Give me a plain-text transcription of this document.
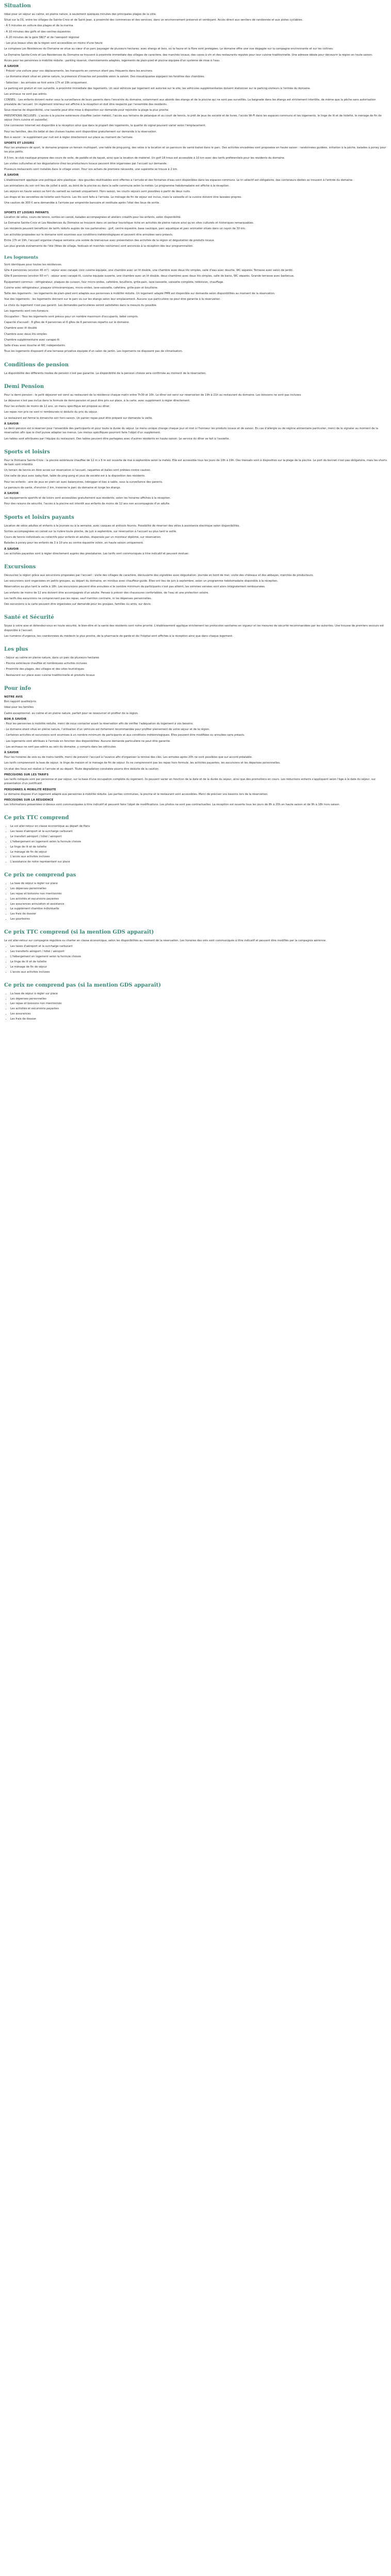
Situation

Idéal pour un séjour au calme, en pleine nature, à seulement quelques minutes des principales plages de la côte.

Situé sur la D1, entre les villages de Sainte-Croix et de Saint-Jean, à proximité des commerces et des services, dans un environnement préservé et verdoyant. Accès direct aux sentiers de randonnée et aux pistes cyclables.

- À 5 minutes en voiture des plages et de la marina

- À 10 minutes des golfs et des centres équestres

- À 20 minutes de la gare SNCF et de l'aéroport régional

- Les plus beaux sites de la région sont accessibles en moins d'une heure

Le complexe Les Résidences du Domaine se situe au cœur d'un parc paysager de plusieurs hectares, avec étangs et bois, où la faune et la flore sont protégées. Le domaine offre une vue dégagée sur la campagne environnante et sur les collines.

Le Domaine Sainte-Croix et Les Résidences du Domaine se trouvent à proximité immédiate des villages de caractère, des marchés locaux, des caves à vin et des restaurants réputés pour leur cuisine traditionnelle. Une adresse idéale pour découvrir la région en toute saison.

Accès pour les personnes à mobilité réduite : parking réservé, cheminements adaptés, logements de plain-pied et piscine équipée d'un système de mise à l'eau.

À SAVOIR

- Prévoir une voiture pour vos déplacements, les transports en commun étant peu fréquents dans les environs.

- Le domaine étant situé en pleine nature, la présence d'insectes est possible selon la saison. Des moustiquaires équipent les fenêtres des chambres.

- Sélection : les arrivées se font entre 17h et 19h uniquement.

Le parking est gratuit et non surveillé, à proximité immédiate des logements. Un seul véhicule par logement est autorisé sur le site, les véhicules supplémentaires doivent stationner sur le parking visiteurs à l'entrée du domaine.

Les animaux ne sont pas admis.

CONSEIL : Les enfants doivent rester sous la surveillance de leurs parents dans l'enceinte du domaine, notamment aux abords des étangs et de la piscine qui ne sont pas surveillés. La baignade dans les étangs est strictement interdite, de même que la pêche sans autorisation préalable de l'accueil. Un règlement intérieur est affiché à la réception et doit être respecté par l'ensemble des résidents.

Sous réserve de disponibilité, une navette peut être mise à disposition sur demande pour rejoindre la plage la plus proche.

PRESTATIONS INCLUSES : L'accès à la piscine extérieure chauffée (selon météo), l'accès aux terrains de pétanque et au court de tennis, le prêt de jeux de société et de livres, l'accès Wi-Fi dans les espaces communs et les logements, le linge de lit et de toilette, le ménage de fin de séjour (hors cuisine et vaisselle).

Une connexion Internet est disponible à la réception ainsi que dans la plupart des logements, la qualité du signal pouvant varier selon l'emplacement.

Pour les familles, des lits bébé et des chaises hautes sont disponibles gratuitement sur demande à la réservation.

Bon à savoir : le supplément par nuit est à régler directement sur place au moment de l'arrivée.

SPORTS ET LOISIRS

Pour les amateurs de sport, le domaine propose un terrain multisport, une table de ping-pong, des vélos à la location et un parcours de santé balisé dans le parc. Des activités encadrées sont proposées en haute saison : randonnées guidées, initiation à la pêche, balades à poney pour les plus petits.

À 5 km, le club nautique propose des cours de voile, de paddle et de kayak, ainsi que la location de matériel. Un golf 18 trous est accessible à 10 km avec des tarifs préférentiels pour les résidents du domaine.

Les visites culturelles et les dégustations chez les producteurs locaux peuvent être organisées par l'accueil sur demande.

Plusieurs restaurants sont installés dans le village voisin. Pour vos achats de première nécessité, une supérette se trouve à 2 km.

À SAVOIR

L'établissement applique une politique zéro plastique : des gourdes réutilisables sont offertes à l'arrivée et des fontaines d'eau sont disponibles dans les espaces communs. Le tri sélectif est obligatoire, des conteneurs dédiés se trouvent à l'entrée du domaine.

Les animations du soir ont lieu de juillet à août, au bord de la piscine ou dans la salle commune selon la météo. Le programme hebdomadaire est affiché à la réception.

Les séjours en haute saison se font du samedi au samedi uniquement. Hors saison, les courts séjours sont possibles à partir de deux nuits.

Les draps et les serviettes de toilette sont fournis. Les lits sont faits à l'arrivée. Le ménage de fin de séjour est inclus, mais la vaisselle et la cuisine doivent être laissées propres.

Une caution de 300 € sera demandée à l'arrivée par empreinte bancaire et restituée après l'état des lieux de sortie.

SPORTS ET LOISIRS PAYANTS

Location de vélos, cours de tennis, sorties en canoë, balades accompagnées et ateliers créatifs pour les enfants, selon disponibilité.

Le Domaine Sainte-Croix et Les Résidences du Domaine se trouvent dans un secteur touristique riche en activités de pleine nature ainsi qu'en sites culturels et historiques remarquables.

Les résidents peuvent bénéficier de tarifs réduits auprès de nos partenaires : golf, centre équestre, base nautique, parc aquatique et parc animalier situés dans un rayon de 30 km.

Les activités proposées sur le domaine sont soumises aux conditions météorologiques et peuvent être annulées sans préavis.

Entre 17h et 19h, l'accueil organise chaque semaine une soirée de bienvenue avec présentation des activités de la région et dégustation de produits locaux.

Les plus grands événements de l'été (fêtes de village, festivals et marchés nocturnes) sont annoncés à la réception dès leur programmation.

Les logements

Sont identiques pour toutes les résidences.

Gîte 4 personnes (environ 45 m²) : séjour avec canapé, coin cuisine équipée, une chambre avec un lit double, une chambre avec deux lits simples, salle d'eau avec douche, WC séparés. Terrasse avec salon de jardin.

Gîte 6 personnes (environ 60 m²) : séjour avec canapé-lit, cuisine équipée ouverte, une chambre avec un lit double, deux chambres avec deux lits simples, salle de bains, WC séparés. Grande terrasse avec barbecue.

Équipement commun : réfrigérateur, plaques de cuisson, four micro-ondes, cafetière, bouilloire, grille-pain, lave-vaisselle, vaisselle complète, télévision, chauffage.

Cuisine avec réfrigérateur, plaques vitrocéramiques, micro-ondes, lave-vaisselle, cafetière, grille-pain et bouilloire.

Taille des logements : les logements de plain-pied sont adaptés aux personnes à mobilité réduite. Un logement adapté PMR est disponible sur demande selon disponibilités au moment de la réservation.

Vue des logements : les logements donnent sur le parc ou sur les étangs selon leur emplacement. Aucune vue particulière ne peut être garantie à la réservation.

Le choix du logement n'est pas garanti. Les demandes particulières seront satisfaites dans la mesure du possible.

Les logements sont non-fumeurs.

Occupation : Tous les logements sont prévus pour un nombre maximum d'occupants, bébé compris.

Capacité d'accueil : 8 gîtes de 4 personnes et 6 gîtes de 6 personnes répartis sur le domaine.

Chambre avec lit double

Chambre avec deux lits simples

Chambre supplémentaire avec canapé-lit

Salle d'eau avec douche et WC indépendants.

Tous les logements disposent d'une terrasse privative équipée d'un salon de jardin. Les logements ne disposent pas de climatisation.

Conditions de pension

La disponibilité des différents modes de pension n'est pas garantie. La disponibilité de la pension choisie sera confirmée au moment de la réservation.

Demi Pension

Pour la demi-pension : le petit déjeuner est servi au restaurant de la résidence chaque matin entre 7h30 et 10h. Le dîner est servi sur réservation de 19h à 21h au restaurant du domaine. Les boissons ne sont pas incluses.

Le déjeuner n'est pas inclus dans la formule de demi-pension et peut être pris sur place, à la carte, avec supplément à régler directement.

Pour les enfants de moins de 12 ans, un menu spécifique est proposé au dîner.

Les repas non pris ne sont ni remboursés ni déduits du prix du séjour.

Le restaurant est fermé le dimanche soir hors saison. Un panier repas peut être préparé sur demande la veille.

À SAVOIR

La demi-pension est à réserver pour l'ensemble des participants et pour toute la durée du séjour. Le menu unique change chaque jour et met à l'honneur les produits locaux et de saison. En cas d'allergie ou de régime alimentaire particulier, merci de le signaler au moment de la réservation afin que le chef puisse adapter les menus. Les menus spécifiques pourront faire l'objet d'un supplément.

Les tables sont attribuées par l'équipe du restaurant. Des tables peuvent être partagées avec d'autres résidents en haute saison. Le service du dîner se fait à l'assiette.

Sports et loisirs

Pour le Domaine Sainte-Croix : la piscine extérieure chauffée de 12 m x 6 m est ouverte de mai à septembre selon la météo. Elle est accessible tous les jours de 10h à 19h. Des transats sont à disposition sur la plage de la piscine. Le port du bonnet n'est pas obligatoire, mais les shorts de bain sont interdits.

Un terrain de tennis en libre accès sur réservation à l'accueil, raquettes et balles sont prêtées contre caution.

Une salle de jeux avec baby-foot, table de ping-pong et jeux de société est à la disposition des résidents.

Pour les enfants : aire de jeux en plein air avec balançoires, toboggan et bac à sable, sous la surveillance des parents.

Le parcours de santé, d'environ 2 km, traverse le parc du domaine et longe les étangs.

À SAVOIR

Les équipements sportifs et de loisirs sont accessibles gratuitement aux résidents, selon les horaires affichés à la réception.

Pour des raisons de sécurité, l'accès à la piscine est interdit aux enfants de moins de 12 ans non accompagnés d'un adulte.

Sports et loisirs payants

Location de vélos adultes et enfants à la journée ou à la semaine, avec casques et antivols fournis. Possibilité de réserver des vélos à assistance électrique selon disponibilités.

Sorties accompagnées en canoë sur la rivière toute proche, de juin à septembre, sur réservation à l'accueil au plus tard la veille.

Cours de tennis individuels ou collectifs pour enfants et adultes, dispensés par un moniteur diplômé, sur réservation.

Balades à poney pour les enfants de 3 à 10 ans au centre équestre voisin, en haute saison uniquement.

À SAVOIR

Les activités payantes sont à régler directement auprès des prestataires. Les tarifs sont communiqués à titre indicatif et peuvent évoluer.

Excursions

Découvrez la région grâce aux excursions proposées par l'accueil : visite des villages de caractère, découverte des vignobles avec dégustation, journée en bord de mer, visite des châteaux et des abbayes, marchés de producteurs.

Les excursions sont organisées en petits groupes, au départ du domaine, en minibus avec chauffeur-guide. Elles ont lieu de juin à septembre, selon un programme hebdomadaire disponible à la réception.

Réservation au plus tard la veille à 18h. Les excursions peuvent être annulées si le nombre minimum de participants n'est pas atteint, les sommes versées sont alors intégralement remboursées.

Les enfants de moins de 12 ans doivent être accompagnés d'un adulte. Pensez à prévoir des chaussures confortables, de l'eau et une protection solaire.

Les tarifs des excursions ne comprennent pas les repas, sauf mention contraire, ni les dépenses personnelles.

Des excursions à la carte peuvent être organisées sur demande pour les groupes, familles ou amis, sur devis.

Santé et Sécurité

Soyez à votre aise et détendez-vous en toute sécurité, le bien-être et la santé des résidents sont notre priorité. L'établissement applique strictement les protocoles sanitaires en vigueur et les mesures de sécurité recommandées par les autorités. Une trousse de premiers secours est disponible à l'accueil.

Les numéros d'urgence, les coordonnées du médecin le plus proche, de la pharmacie de garde et de l'hôpital sont affichés à la réception ainsi que dans chaque logement.

Les plus

- Séjour au calme en pleine nature, dans un parc de plusieurs hectares

- Piscine extérieure chauffée et nombreuses activités incluses

- Proximité des plages, des villages et des sites touristiques

- Restaurant sur place avec cuisine traditionnelle et produits locaux

Pour info
NOTRE AVIS

Bon rapport qualité/prix

Idéal pour les familles

Cadre exceptionnel, au calme et en pleine nature, parfait pour se ressourcer et profiter de la région.

BON À SAVOIR

- Pour les personnes à mobilité réduite, merci de nous contacter avant la réservation afin de vérifier l'adéquation du logement à vos besoins.

- Le domaine étant situé en pleine nature, l'utilisation d'un véhicule est fortement recommandée pour profiter pleinement de votre séjour et de la région.

- Certaines activités et excursions sont soumises à un nombre minimum de participants et aux conditions météorologiques. Elles peuvent être modifiées ou annulées sans préavis.

- Les logements sont attribués à l'arrivée en fonction des disponibilités. Aucune demande particulière ne peut être garantie.

- Les animaux ne sont pas admis au sein du domaine, y compris dans les véhicules.

À SAVOIR

Pour les horaires de vols ou de trains tardifs, merci de prévenir l'accueil à l'avance afin d'organiser la remise des clés. Les arrivées après 20h ne sont possibles que sur accord préalable.

Les tarifs comprennent la taxe de séjour, le linge de maison et le ménage de fin de séjour. Ils ne comprennent pas les repas hors formule, les activités payantes, les excursions et les dépenses personnelles.

Un état des lieux est réalisé à l'arrivée et au départ. Toute dégradation constatée pourra être déduite de la caution.

PRÉCISIONS SUR LES TARIFS

Les tarifs indiqués sont par personne et par séjour, sur la base d'une occupation complète du logement. Ils peuvent varier en fonction de la date et de la durée du séjour, ainsi que des promotions en cours. Les réductions enfants s'appliquent selon l'âge à la date du séjour, sur présentation d'un justificatif.

PERSONNES À MOBILITÉ RÉDUITE

Le domaine dispose d'un logement adapté aux personnes à mobilité réduite. Les parties communes, la piscine et le restaurant sont accessibles. Merci de préciser vos besoins lors de la réservation.

PRÉCISIONS SUR LA RÉSIDENCE

Les informations présentées ci-dessus sont communiquées à titre indicatif et peuvent faire l'objet de modifications. Les photos ne sont pas contractuelles. La réception est ouverte tous les jours de 8h à 20h en haute saison et de 9h à 18h hors saison.

Ce prix TTC comprend
• Le vol aller-retour en classe économique au départ de Paris
• Les taxes d'aéroport et la surcharge carburant
• Le transfert aéroport / hôtel / aéroport
• L'hébergement en logement selon la formule choisie
• Le linge de lit et de toilette
• Le ménage de fin de séjour
• L'accès aux activités incluses
• L'assistance de notre représentant sur place
Ce prix ne comprend pas
• La taxe de séjour à régler sur place
• Les dépenses personnelles
• Les repas et boissons non mentionnés
• Les activités et excursions payantes
• Les assurances annulation et assistance
• Le supplément chambre individuelle
• Les frais de dossier
• Les pourboires
Ce prix TTC comprend (si la mention GDS apparaît)

Le vol aller-retour sur compagnie régulière ou charter en classe économique, selon les disponibilités au moment de la réservation. Les horaires des vols sont communiqués à titre indicatif et peuvent être modifiés par la compagnie aérienne.

• Les taxes d'aéroport et la surcharge carburant
• Les transferts aéroport / hôtel / aéroport
• L'hébergement en logement selon la formule choisie
• Le linge de lit et de toilette
• Le ménage de fin de séjour
• L'accès aux activités incluses
Ce prix ne comprend pas (si la mention GDS apparaît)
• La taxe de séjour à régler sur place
• Les dépenses personnelles
• Les repas et boissons non mentionnés
• Les activités et excursions payantes
• Les assurances
• Les frais de dossier
